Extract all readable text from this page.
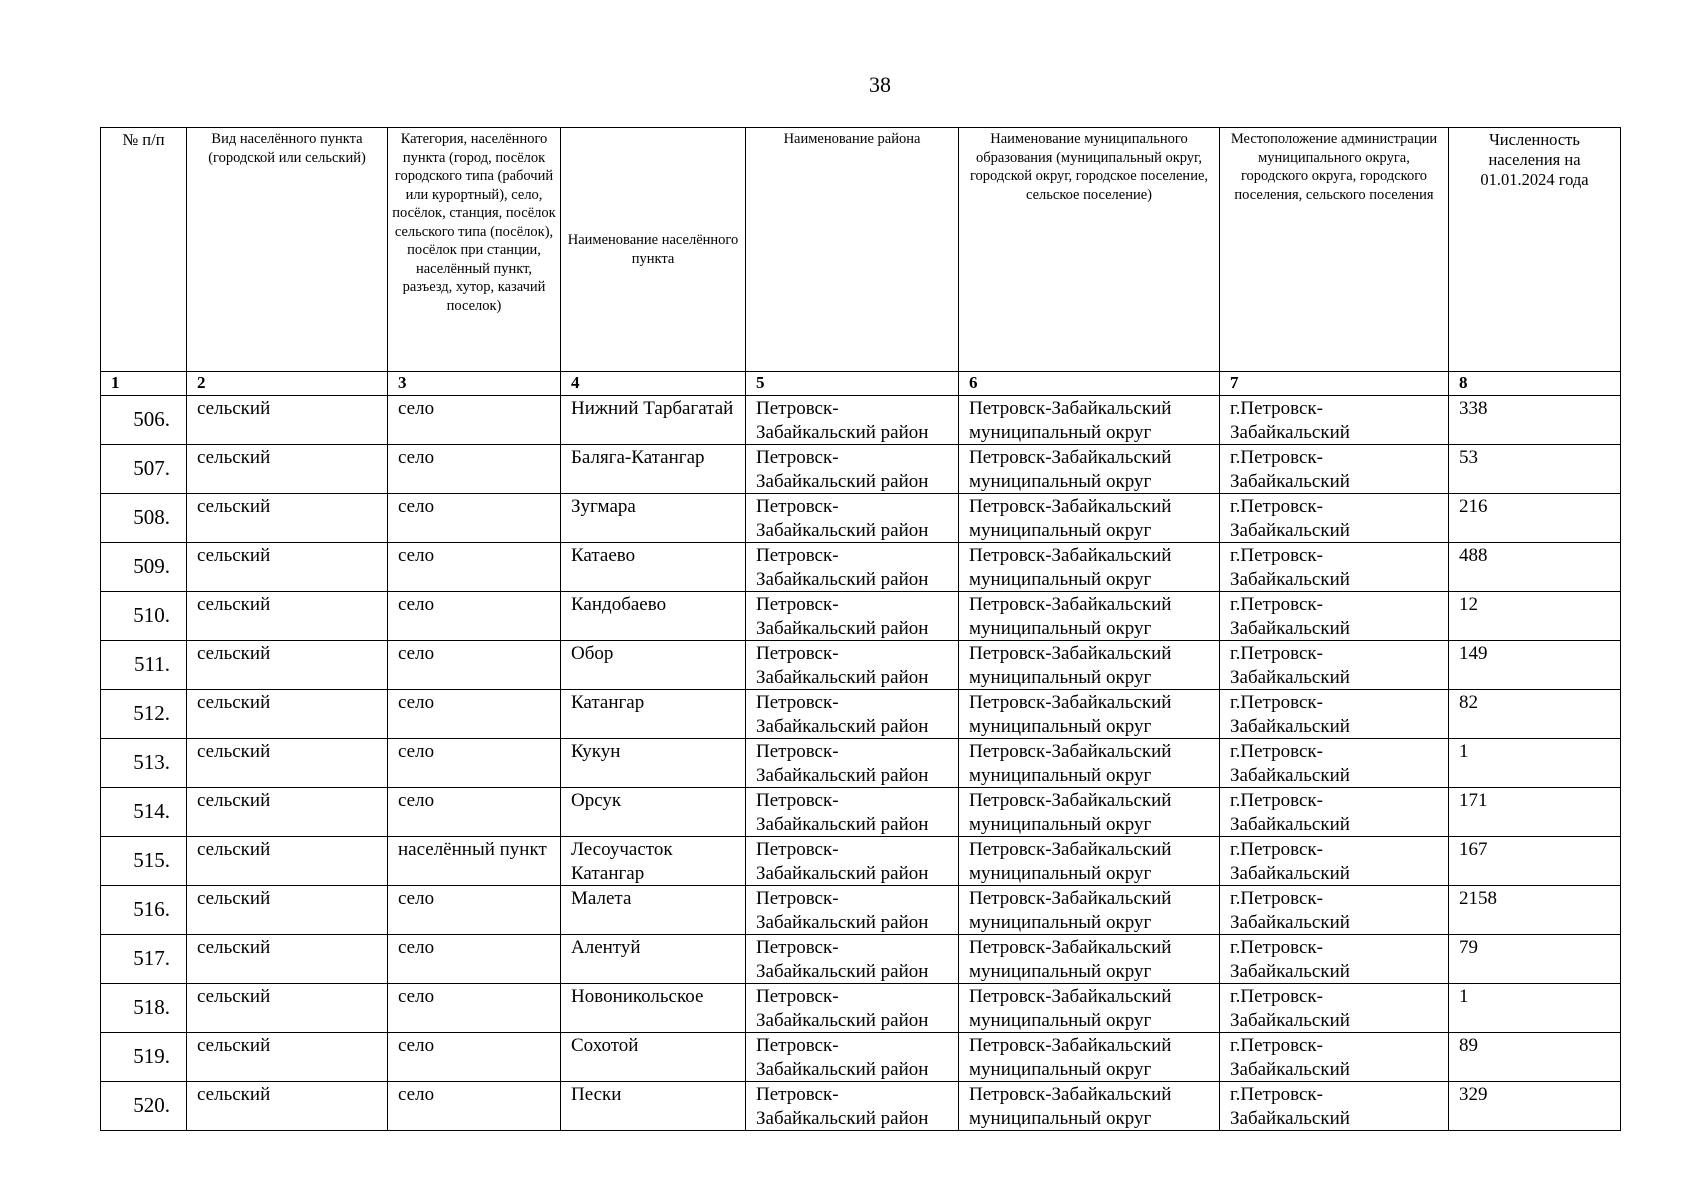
38
№ п/п	Вид населённого пункта (городской или сельский)	Категория, населённого пункта (город, посёлок городского типа (рабочий или курортный), село, посёлок, станция, посёлок сельского типа (посёлок), посёлок при станции, населённый пункт, разъезд, хутор, казачий поселок)	Наименование населённого пункта	Наименование района	Наименование муниципального образования (муниципальный округ, городской округ, городское поселение, сельское поселение)	Местоположение администрации муниципального округа, городского округа, городского поселения, сельского поселения	Численность населения на 01.01.2024 года
1	2	3	4	5	6	7	8
506.	сельский	село	Нижний Тарбагатай	Петровск-Забайкальский район	Петровск-Забайкальский муниципальный округ	г.Петровск-Забайкальский	338
507.	сельский	село	Баляга-Катангар	Петровск-Забайкальский район	Петровск-Забайкальский муниципальный округ	г.Петровск-Забайкальский	53
508.	сельский	село	Зугмара	Петровск-Забайкальский район	Петровск-Забайкальский муниципальный округ	г.Петровск-Забайкальский	216
509.	сельский	село	Катаево	Петровск-Забайкальский район	Петровск-Забайкальский муниципальный округ	г.Петровск-Забайкальский	488
510.	сельский	село	Кандобаево	Петровск-Забайкальский район	Петровск-Забайкальский муниципальный округ	г.Петровск-Забайкальский	12
511.	сельский	село	Обор	Петровск-Забайкальский район	Петровск-Забайкальский муниципальный округ	г.Петровск-Забайкальский	149
512.	сельский	село	Катангар	Петровск-Забайкальский район	Петровск-Забайкальский муниципальный округ	г.Петровск-Забайкальский	82
513.	сельский	село	Кукун	Петровск-Забайкальский район	Петровск-Забайкальский муниципальный округ	г.Петровск-Забайкальский	1
514.	сельский	село	Орсук	Петровск-Забайкальский район	Петровск-Забайкальский муниципальный округ	г.Петровск-Забайкальский	171
515.	сельский	населённый пункт	Лесоучасток Катангар	Петровск-Забайкальский район	Петровск-Забайкальский муниципальный округ	г.Петровск-Забайкальский	167
516.	сельский	село	Малета	Петровск-Забайкальский район	Петровск-Забайкальский муниципальный округ	г.Петровск-Забайкальский	2158
517.	сельский	село	Алентуй	Петровск-Забайкальский район	Петровск-Забайкальский муниципальный округ	г.Петровск-Забайкальский	79
518.	сельский	село	Новоникольское	Петровск-Забайкальский район	Петровск-Забайкальский муниципальный округ	г.Петровск-Забайкальский	1
519.	сельский	село	Сохотой	Петровск-Забайкальский район	Петровск-Забайкальский муниципальный округ	г.Петровск-Забайкальский	89
520.	сельский	село	Пески	Петровск-Забайкальский район	Петровск-Забайкальский муниципальный округ	г.Петровск-Забайкальский	329
